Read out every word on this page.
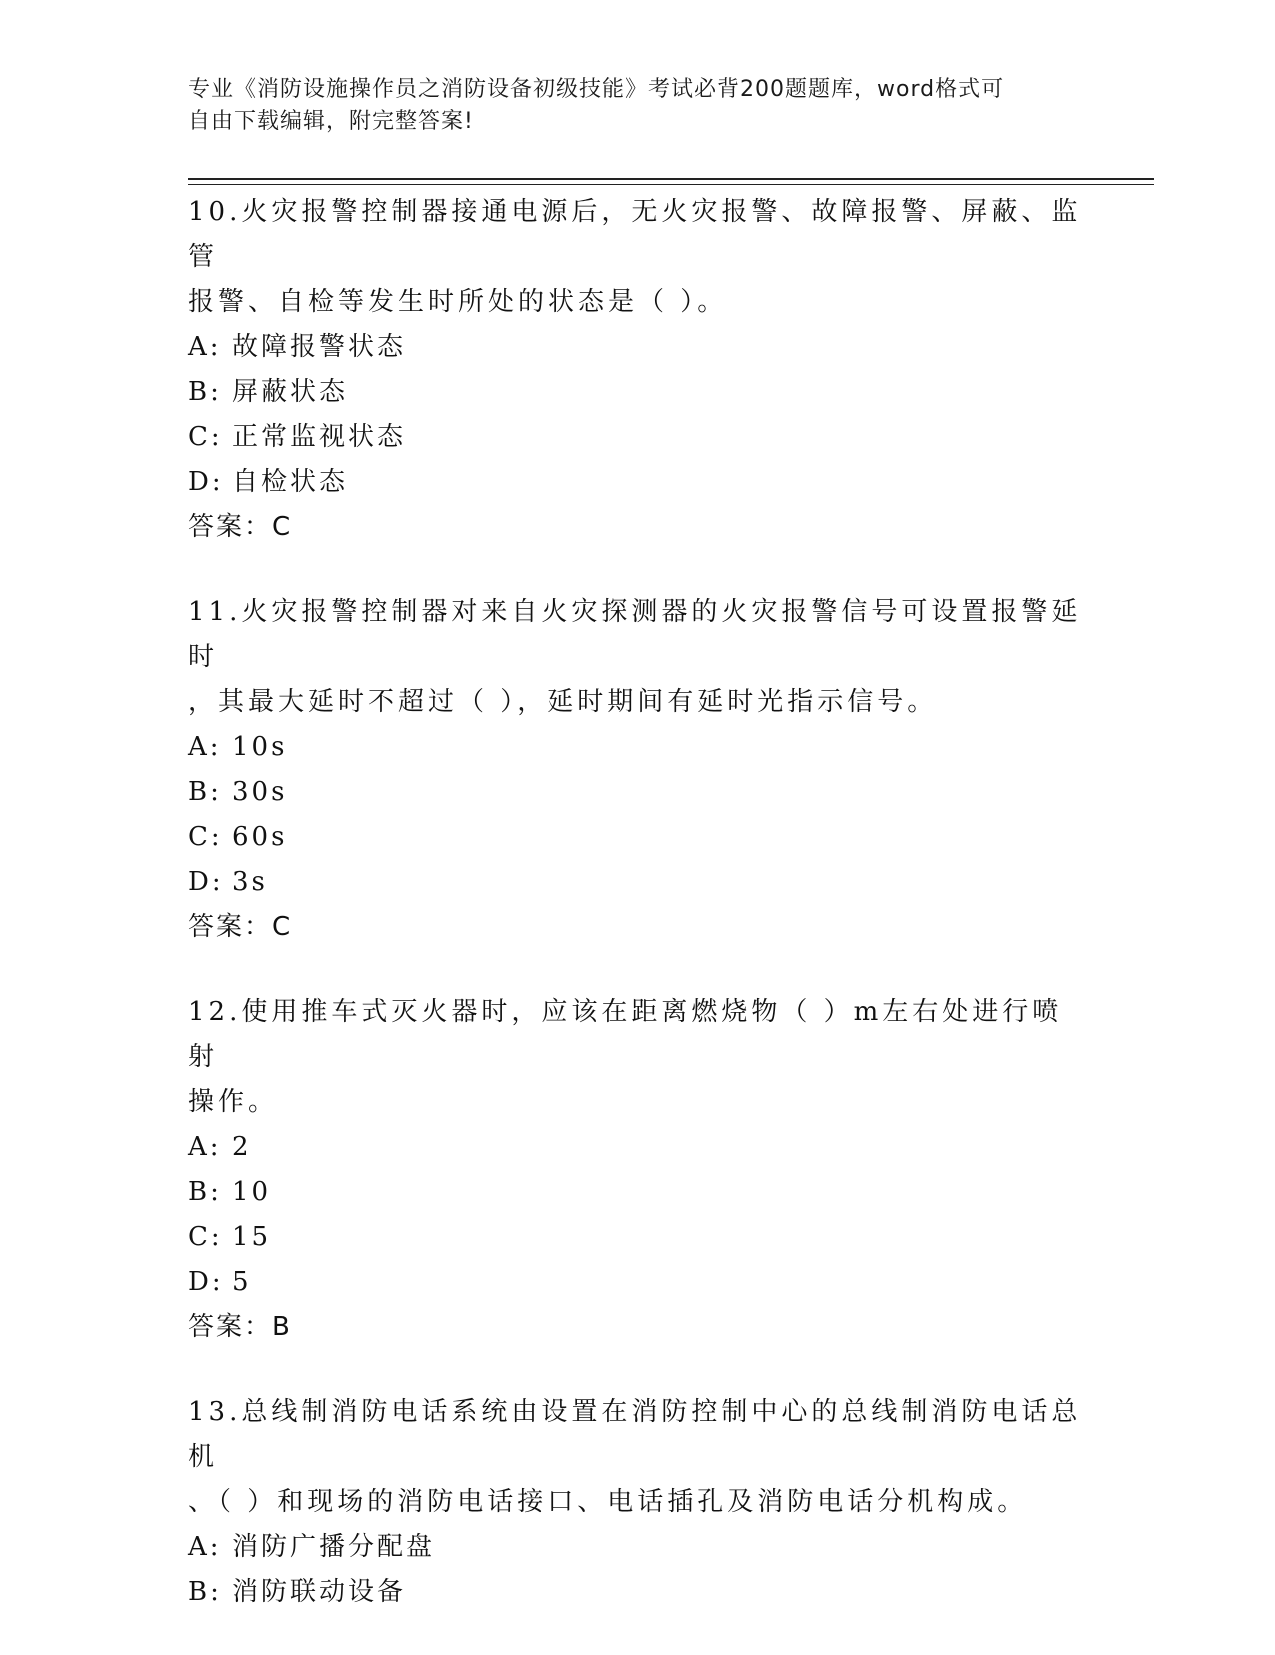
专业《消防设施操作员之消防设备初级技能》考试必背200题题库，word格式可
自由下载编辑，附完整答案!

10.火灾报警控制器接通电源后，无火灾报警、故障报警、屏蔽、监管
报警、自检等发生时所处的状态是（ ）。

A: 故障报警状态

B: 屏蔽状态

C: 正常监视状态

D: 自检状态

答案：C

11.火灾报警控制器对来自火灾探测器的火灾报警信号可设置报警延时
，其最大延时不超过（ ），延时期间有延时光指示信号。

A: 10s

B: 30s

C: 60s

D: 3s

答案：C

12.使用推车式灭火器时，应该在距离燃烧物（ ）m左右处进行喷射
操作。

A: 2

B: 10

C: 15

D: 5

答案：B

13.总线制消防电话系统由设置在消防控制中心的总线制消防电话总机
、（ ）和现场的消防电话接口、电话插孔及消防电话分机构成。

A: 消防广播分配盘

B: 消防联动设备
